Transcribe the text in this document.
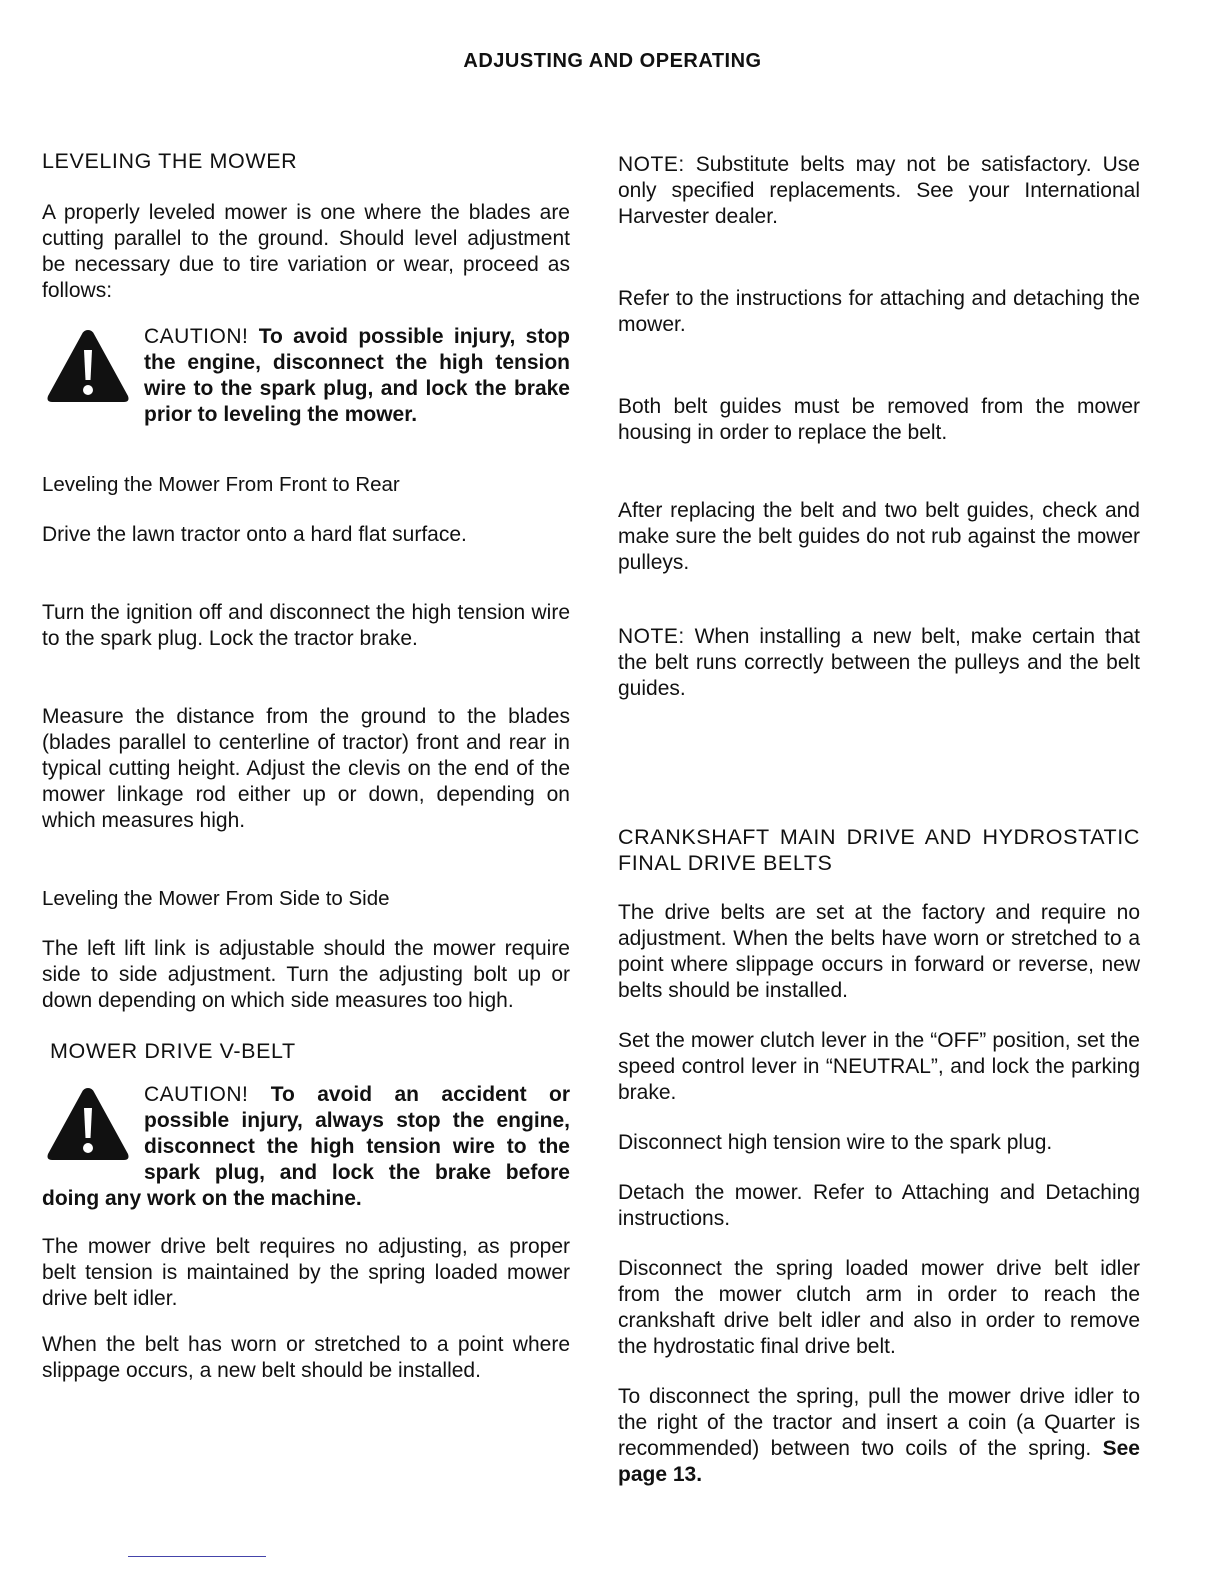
ADJUSTING AND OPERATING
LEVELING THE MOWER

A properly leveled mower is one where the blades are cutting parallel to the ground. Should level adjustment be necessary due to tire variation or wear, proceed as follows:

CAUTION! To avoid possible injury, stop the engine, disconnect the high tension wire to the spark plug, and lock the brake prior to leveling the mower.
Leveling the Mower From Front to Rear

Drive the lawn tractor onto a hard flat surface.

Turn the ignition off and disconnect the high tension wire to the spark plug. Lock the tractor brake.

Measure the distance from the ground to the blades (blades parallel to centerline of tractor) front and rear in typical cutting height. Adjust the clevis on the end of the mower linkage rod either up or down, depending on which measures high.

Leveling the Mower From Side to Side

The left lift link is adjustable should the mower require side to side adjustment. Turn the adjusting bolt up or down depending on which side measures too high.

MOWER DRIVE V-BELT
CAUTION! To avoid an accident or possible injury, always stop the engine, disconnect the high tension wire to the spark plug, and lock the brake before doing any work on the machine.

The mower drive belt requires no adjusting, as proper belt tension is maintained by the spring loaded mower drive belt idler.

When the belt has worn or stretched to a point where slippage occurs, a new belt should be installed.

NOTE: Substitute belts may not be satisfactory. Use only specified replacements. See your International Harvester dealer.

Refer to the instructions for attaching and detaching the mower.

Both belt guides must be removed from the mower housing in order to replace the belt.

After replacing the belt and two belt guides, check and make sure the belt guides do not rub against the mower pulleys.

NOTE: When installing a new belt, make certain that the belt runs correctly between the pulleys and the belt guides.

CRANKSHAFT MAIN DRIVE AND HYDROSTATIC FINAL DRIVE BELTS

The drive belts are set at the factory and require no adjustment. When the belts have worn or stretched to a point where slippage occurs in forward or reverse, new belts should be installed.

Set the mower clutch lever in the “OFF” position, set the speed control lever in “NEUTRAL”, and lock the parking brake.

Disconnect high tension wire to the spark plug.

Detach the mower. Refer to Attaching and Detaching instructions.

Disconnect the spring loaded mower drive belt idler from the mower clutch arm in order to reach the crankshaft drive belt idler and also in order to remove the hydrostatic final drive belt.

To disconnect the spring, pull the mower drive idler to the right of the tractor and insert a coin (a Quarter is recommended) between two coils of the spring. See page 13.
